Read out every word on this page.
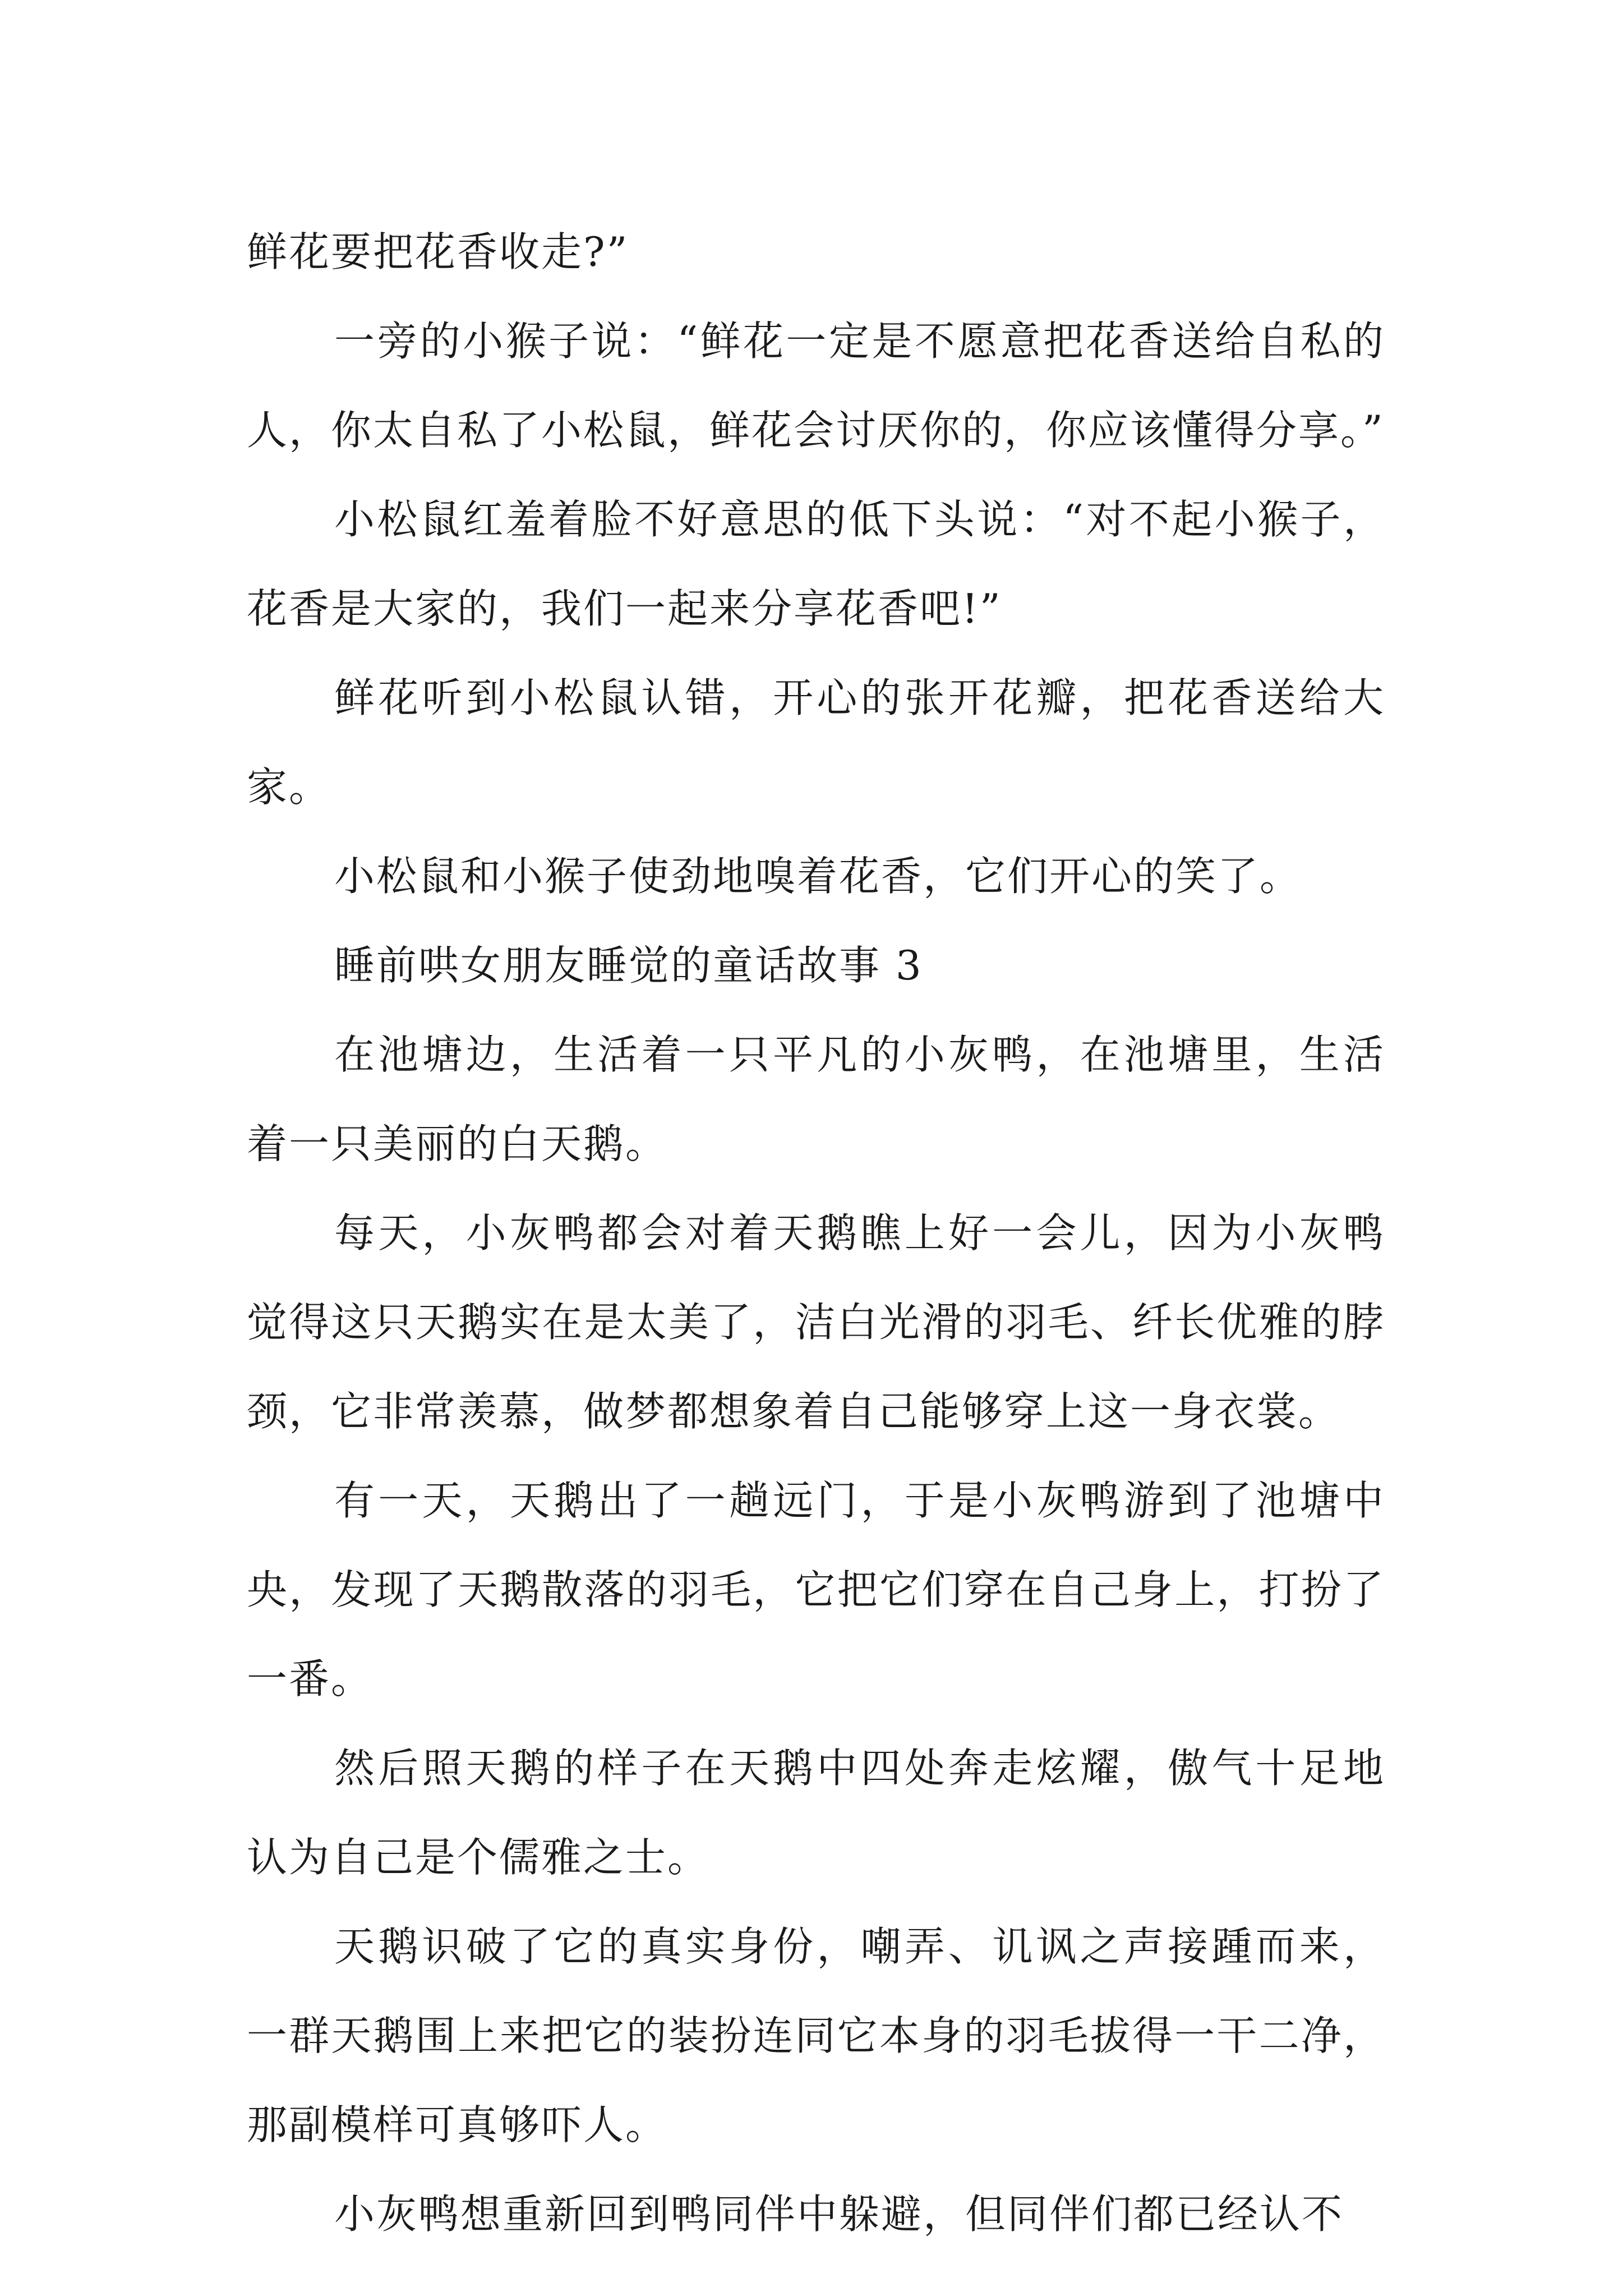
鲜花要把花香收走?”

一旁的小猴子说：“鲜花一定是不愿意把花香送给自私的人，你太自私了小松鼠，鲜花会讨厌你的，你应该懂得分享。”

小松鼠红羞着脸不好意思的低下头说：“对不起小猴子，花香是大家的，我们一起来分享花香吧!”

鲜花听到小松鼠认错，开心的张开花瓣，把花香送给大家。

小松鼠和小猴子使劲地嗅着花香，它们开心的笑了。

睡前哄女朋友睡觉的童话故事 3

在池塘边，生活着一只平凡的小灰鸭，在池塘里，生活着一只美丽的白天鹅。

每天，小灰鸭都会对着天鹅瞧上好一会儿，因为小灰鸭觉得这只天鹅实在是太美了，洁白光滑的羽毛、纤长优雅的脖颈，它非常羡慕，做梦都想象着自己能够穿上这一身衣裳。

有一天，天鹅出了一趟远门，于是小灰鸭游到了池塘中央，发现了天鹅散落的羽毛，它把它们穿在自己身上，打扮了一番。

然后照天鹅的样子在天鹅中四处奔走炫耀，傲气十足地认为自己是个儒雅之士。

天鹅识破了它的真实身份，嘲弄、讥讽之声接踵而来，一群天鹅围上来把它的装扮连同它本身的羽毛拔得一干二净，那副模样可真够吓人。

小灰鸭想重新回到鸭同伴中躲避，但同伴们都已经认不
